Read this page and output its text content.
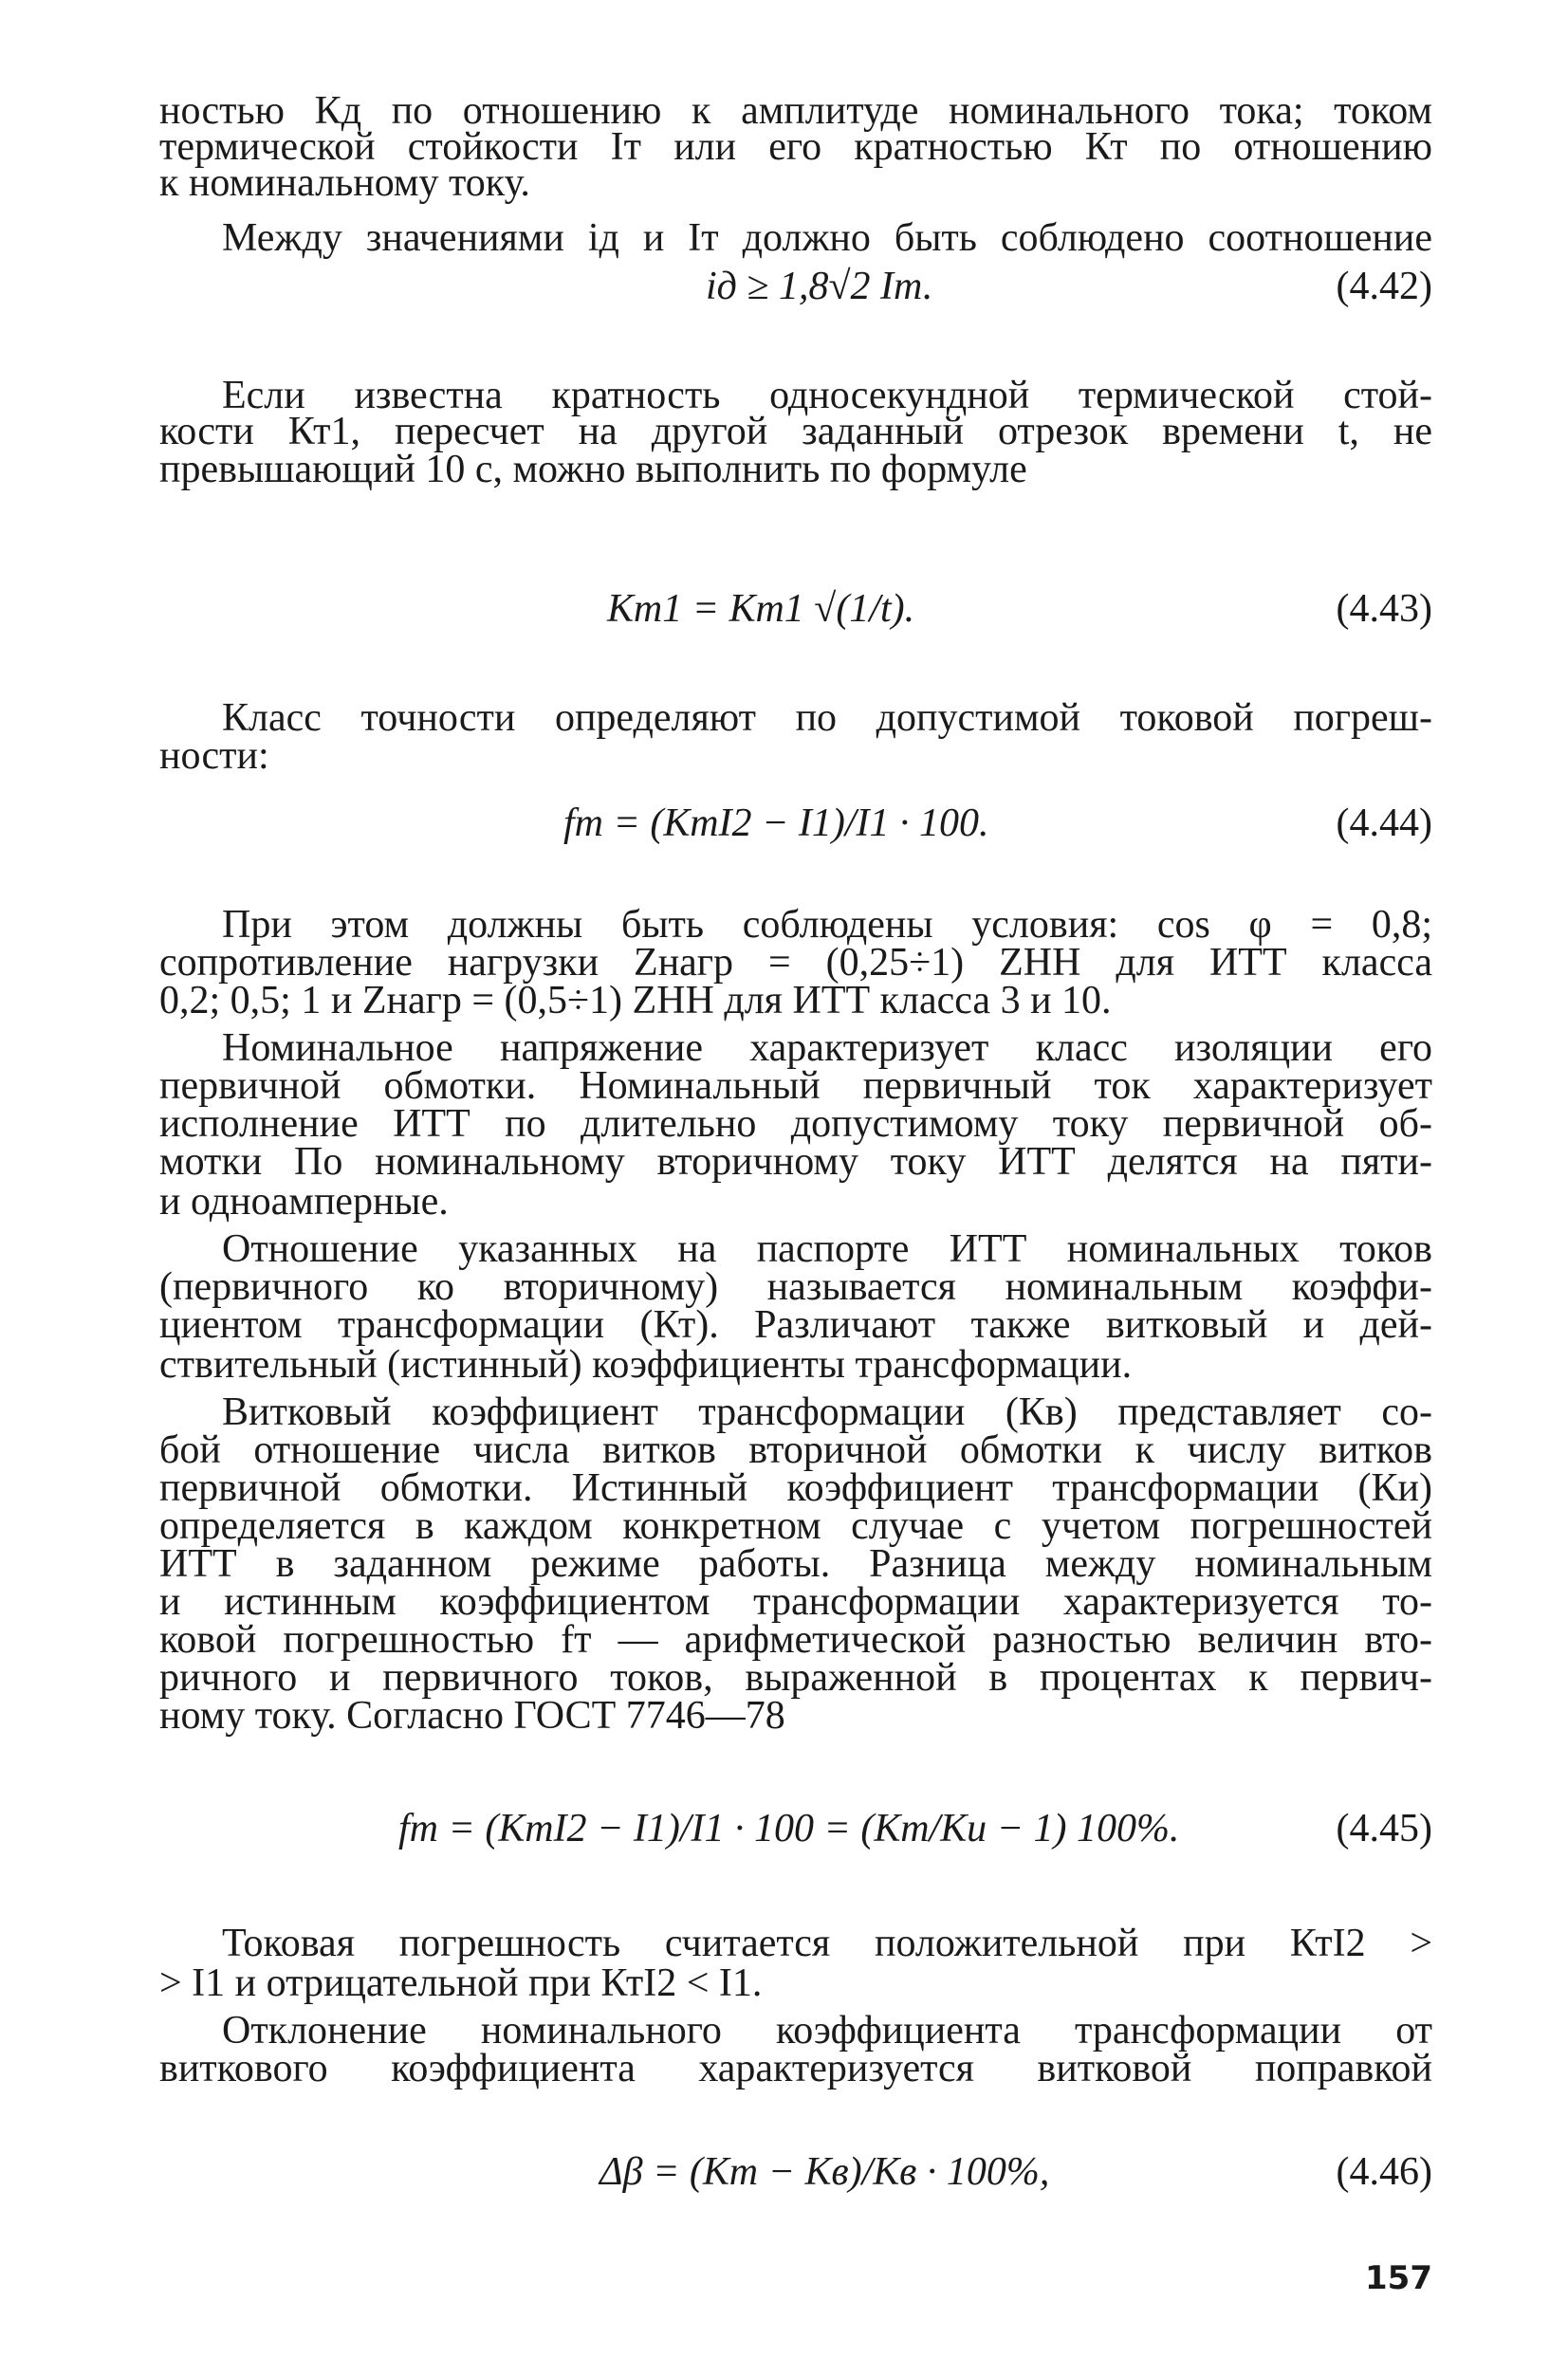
ностью Кд по отношению к амплитуде номинального тока; током
термической стойкости Iт или его кратностью Кт по отношению
к номинальному току.
Между значениями iд и Iт должно быть соблюдено соотношение
iд ≥ 1,8√2 Iт.	(4.42)
Если известна кратность односекундной термической стой-
кости Кт1, пересчет на другой заданный отрезок времени t, не
превышающий 10 с, можно выполнить по формуле
Кт1 = Кт1 √(1/t).	(4.43)
Класс точности определяют по допустимой токовой погреш-
ности:
fт = (КтI2 − I1)/I1 · 100.	(4.44)
При этом должны быть соблюдены условия: cos φ = 0,8;
сопротивление нагрузки Zнагр = (0,25÷1) ZНН для ИТТ класса
0,2; 0,5; 1 и Zнагр = (0,5÷1) ZНН для ИТТ класса 3 и 10.
Номинальное напряжение характеризует класс изоляции его
первичной обмотки. Номинальный первичный ток характеризует
исполнение ИТТ по длительно допустимому току первичной об-
мотки По номинальному вторичному току ИТТ делятся на пяти-
и одноамперные.
Отношение указанных на паспорте ИТТ номинальных токов
(первичного ко вторичному) называется номинальным коэффи-
циентом трансформации (Кт). Различают также витковый и дей-
ствительный (истинный) коэффициенты трансформации.
Витковый коэффициент трансформации (Кв) представляет со-
бой отношение числа витков вторичной обмотки к числу витков
первичной обмотки. Истинный коэффициент трансформации (Ки)
определяется в каждом конкретном случае с учетом погрешностей
ИТТ в заданном режиме работы. Разница между номинальным
и истинным коэффициентом трансформации характеризуется то-
ковой погрешностью fт — арифметической разностью величин вто-
ричного и первичного токов, выраженной в процентах к первич-
ному току. Согласно ГОСТ 7746—78
fт = (КтI2 − I1)/I1 · 100 = (Кт/Ки − 1) 100%.	(4.45)
Токовая погрешность считается положительной при КтI2 >
> I1 и отрицательной при КтI2 < I1.
Отклонение номинального коэффициента трансформации от
виткового коэффициента характеризуется витковой поправкой
Δβ = (Кт − Кв)/Кв · 100%,	(4.46)
157
